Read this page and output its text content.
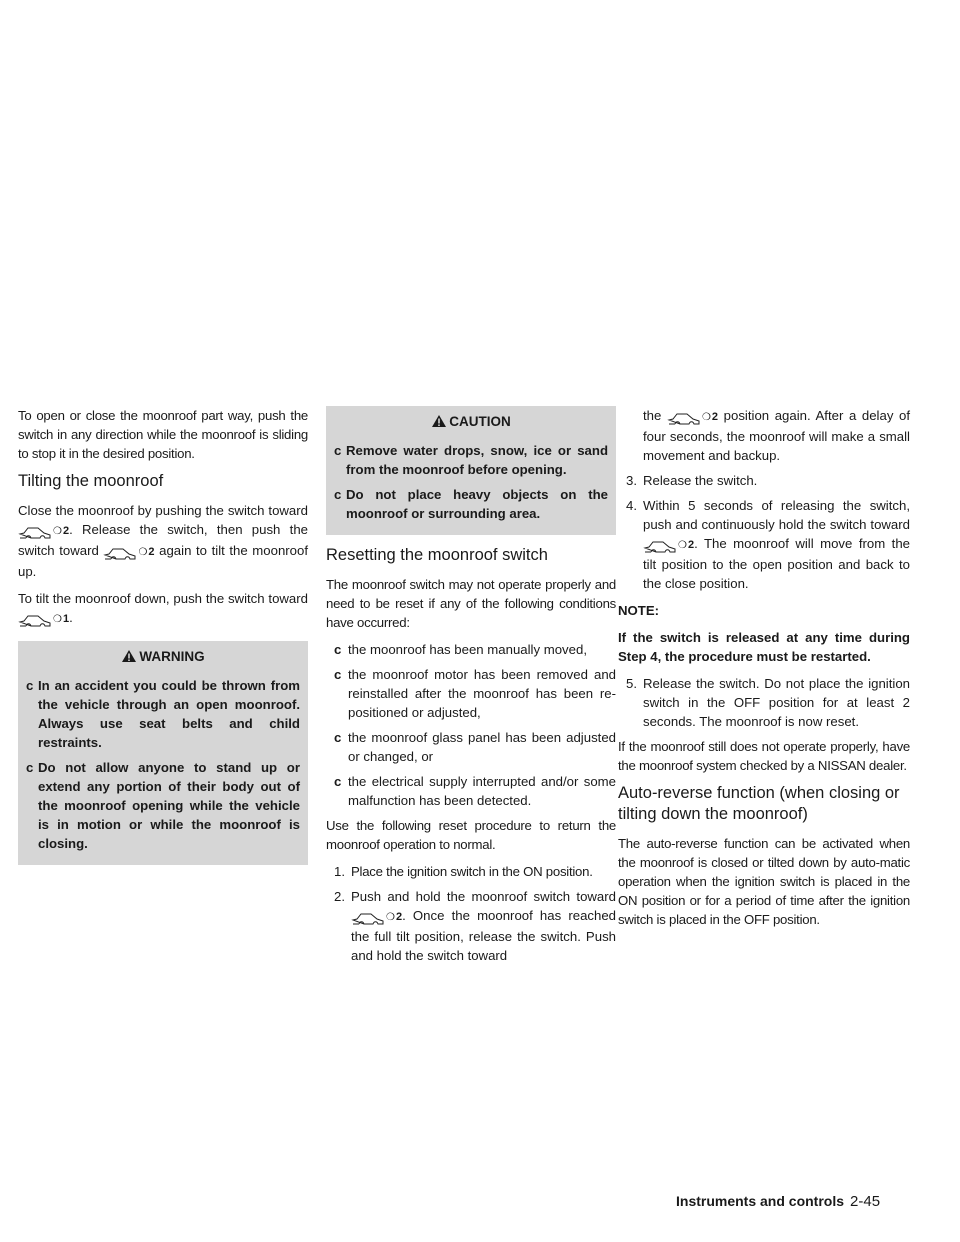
To open or close the moonroof part way, push the switch in any direction while the moonroof is sliding to stop it in the desired position.

Tilting the moonroof

Close the moonroof by pushing the switch toward ❍ 2. Release the switch, then push the switch toward	❍ 2 again to tilt the moonroof up.

To tilt the moonroof down, push the switch toward ❍ 1.

WARNING
c
In an accident you could be thrown from the vehicle through an open moonroof. Always use seat belts and child restraints.
c
Do not allow anyone to stand up or extend any portion of their body out of the moonroof opening while the vehicle is in motion or while the moonroof is closing.
CAUTION
c
Remove water drops, snow, ice or sand from the moonroof before opening.
c
Do not place heavy objects on the moonroof or surrounding area.
Resetting the moonroof switch

The moonroof switch may not operate properly and need to be reset if any of the following conditions have occurred:

c
the moonroof has been manually moved,
c
the moonroof motor has been removed and reinstalled after the moonroof has been re-positioned or adjusted,
c
the moonroof glass panel has been adjusted or changed, or
c
the electrical supply interrupted and/or some malfunction has been detected.

Use the following reset procedure to return the moonroof operation to normal.

1. Place the ignition switch in the ON position.
2. Push and hold the moonroof switch toward ❍ 2. Once the moonroof has reached the full tilt position, release the switch. Push and hold the switch toward
the	❍ 2 position again. After a delay of four seconds, the moonroof will make a small movement and backup.
3. Release the switch.
4. Within 5 seconds of releasing the switch, push and continuously hold the switch toward ❍ 2. The moonroof will move from the tilt position to the open position and back to the close position.

NOTE:

If the switch is released at any time during Step 4, the procedure must be restarted.

5. Release the switch. Do not place the ignition switch in the OFF position for at least 2 seconds. The moonroof is now reset.

If the moonroof still does not operate properly, have the moonroof system checked by a NISSAN dealer.

Auto-reverse function (when closing or tilting down the moonroof)

The auto-reverse function can be activated when the moonroof is closed or tilted down by auto-matic operation when the ignition switch is placed in the ON position or for a period of time after the ignition switch is placed in the OFF position.

Instruments and controls 2-45
